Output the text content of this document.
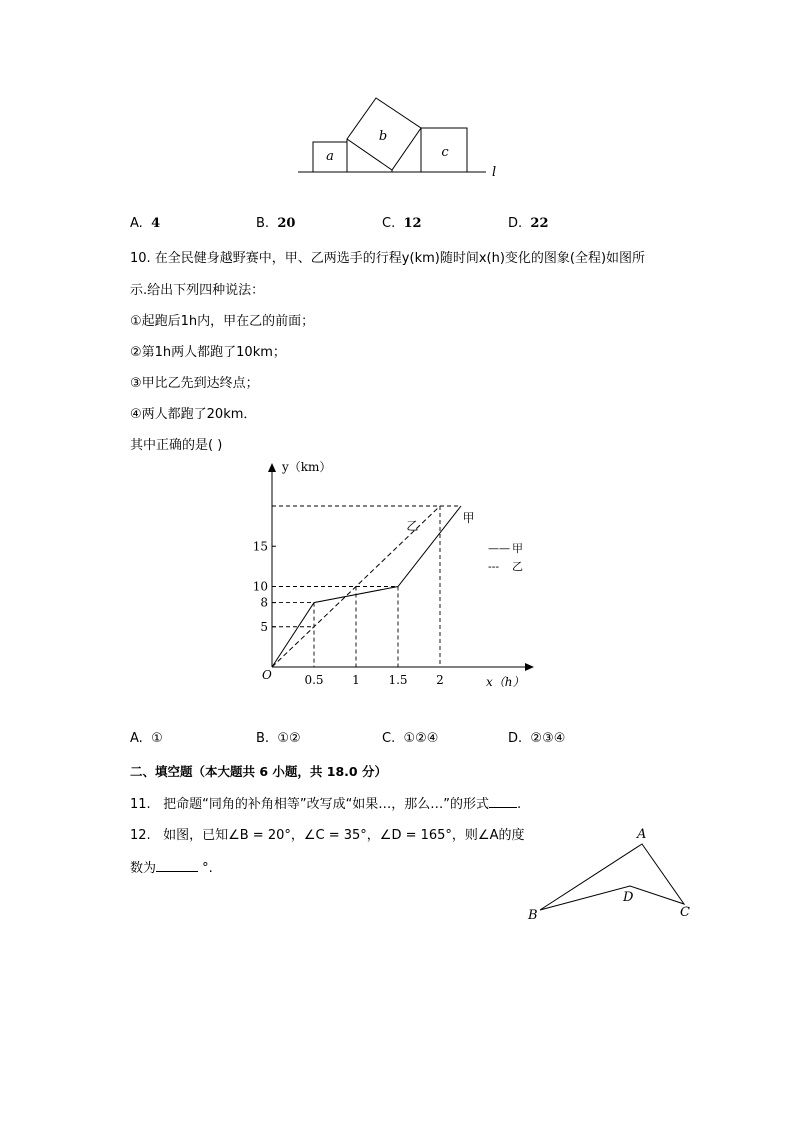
a
b
c
l
A. 4	B. 20	C. 12	D. 22
10. 在全民健身越野赛中，甲、乙两选手的行程y(km)随时间x(h)变化的图象(全程)如图所
示.给出下列四种说法：
①起跑后1h内，甲在乙的前面；
②第1h两人都跑了10km；
③甲比乙先到达终点；
④两人都跑了20km．
其中正确的是( )
y（km）
x（h）
O
—— 甲
--- 乙
甲
乙
0.5 1 1.5 2
5
8
10
15
A. ①	B. ①②	C. ①②④	D. ②③④
二、填空题（本大题共 6 小题，共 18.0 分）
11. 把命题“同角的补角相等”改写成“如果…，那么…”的形式 .
12. 如图，已知∠B = 20°，∠C = 35°，∠D = 165°，则∠A的度
数为	°.
A
B	C
D
